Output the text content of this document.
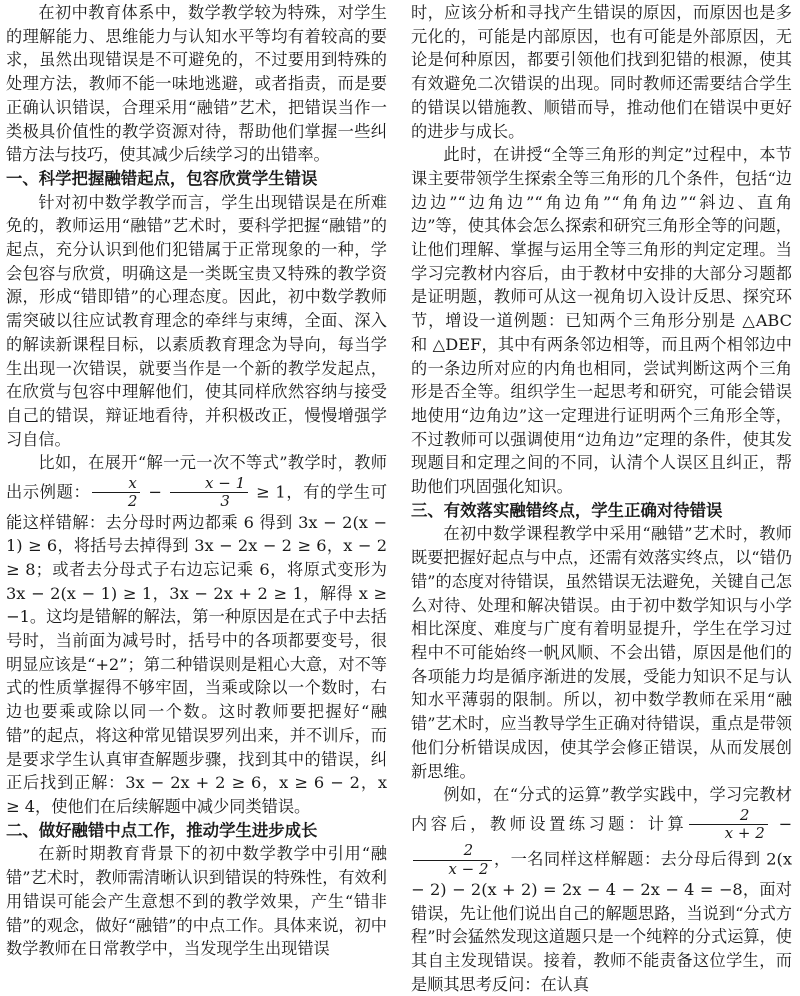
在初中教育体系中，数学教学较为特殊，对学生的理解能力、思维能力与认知水平等均有着较高的要求，虽然出现错误是不可避免的，不过要用到特殊的处理方法，教师不能一味地逃避，或者指责，而是要正确认识错误，合理采用“融错”艺术，把错误当作一类极具价值性的教学资源对待，帮助他们掌握一些纠错方法与技巧，使其减少后续学习的出错率。

一、科学把握融错起点，包容欣赏学生错误

针对初中数学教学而言，学生出现错误是在所难免的，教师运用“融错”艺术时，要科学把握“融错”的起点，充分认识到他们犯错属于正常现象的一种，学会包容与欣赏，明确这是一类既宝贵又特殊的教学资源，形成“错即错”的心理态度。因此，初中数学教师需突破以往应试教育理念的牵绊与束缚，全面、深入的解读新课程目标，以素质教育理念为导向，每当学生出现一次错误，就要当作是一个新的教学发起点，在欣赏与包容中理解他们，使其同样欣然容纳与接受自己的错误，辩证地看待，并积极改正，慢慢增强学习自信。

比如，在展开“解一元一次不等式”教学时，教师出示例题： $\frac{x}{2} - \frac{x - 1}{3} \ge 1$，有的学生可能这样错解：去分母时两边都乘 6 得到 3x − 2(x − 1) ≥ 6，将括号去掉得到 3x − 2x − 2 ≥ 6，x − 2 ≥ 8；或者去分母式子右边忘记乘 6，将原式变形为 3x − 2(x − 1) ≥ 1，3x − 2x + 2 ≥ 1，解得 x ≥ −1。这均是错解的解法，第一种原因是在式子中去括号时，当前面为减号时，括号中的各项都要变号，很明显应该是“+2”；第二种错误则是粗心大意，对不等式的性质掌握得不够牢固，当乘或除以一个数时，右边也要乘或除以同一个数。这时教师要把握好“融错”的起点，将这种常见错误罗列出来，并不训斥，而是要求学生认真审查解题步骤，找到其中的错误，纠正后找到正解：3x − 2x + 2 ≥ 6，x ≥ 6 − 2，x ≥ 4，使他们在后续解题中减少同类错误。

二、做好融错中点工作，推动学生进步成长

在新时期教育背景下的初中数学教学中引用“融错”艺术时，教师需清晰认识到错误的特殊性，有效利用错误可能会产生意想不到的教学效果，产生“错非错”的观念，做好“融错”的中点工作。具体来说，初中数学教师在日常教学中，当发现学生出现错误

时，应该分析和寻找产生错误的原因，而原因也是多元化的，可能是内部原因，也有可能是外部原因，无论是何种原因，都要引领他们找到犯错的根源，使其有效避免二次错误的出现。同时教师还需要结合学生的错误以错施教、顺错而导，推动他们在错误中更好的进步与成长。

此时，在讲授“全等三角形的判定”过程中，本节课主要带领学生探索全等三角形的几个条件，包括“边边边”“边角边”“角边角”“角角边”“斜边、直角边”等，使其体会怎么探索和研究三角形全等的问题，让他们理解、掌握与运用全等三角形的判定定理。当学习完教材内容后，由于教材中安排的大部分习题都是证明题，教师可从这一视角切入设计反思、探究环节，增设一道例题：已知两个三角形分别是 △ABC 和 △DEF，其中有两条邻边相等，而且两个相邻边中的一条边所对应的内角也相同，尝试判断这两个三角形是否全等。组织学生一起思考和研究，可能会错误地使用“边角边”这一定理进行证明两个三角形全等，不过教师可以强调使用“边角边”定理的条件，使其发现题目和定理之间的不同，认清个人误区且纠正，帮助他们巩固强化知识。

三、有效落实融错终点，学生正确对待错误

在初中数学课程教学中采用“融错”艺术时，教师既要把握好起点与中点，还需有效落实终点，以“错仍错”的态度对待错误，虽然错误无法避免，关键自己怎么对待、处理和解决错误。由于初中数学知识与小学相比深度、难度与广度有着明显提升，学生在学习过程中不可能始终一帆风顺、不会出错，原因是他们的各项能力均是循序渐进的发展，受能力知识不足与认知水平薄弱的限制。所以，初中数学教师在采用“融错”艺术时，应当教导学生正确对待错误，重点是带领他们分析错误成因，使其学会修正错误，从而发展创新思维。

例如，在“分式的运算”教学实践中，学习完教材内容后，教师设置练习题：计算 $\frac{2}{x + 2}$ −
$\frac{2}{x - 2}$ ，一名同样这样解题：去分母后得到 2(x − 2) − 2(x + 2) = 2x − 4 − 2x − 4 = −8，面对错误，先让他们说出自己的解题思路，当说到“分式方程”时会猛然发现这道题只是一个纯粹的分式运算，使其自主发现错误。接着，教师不能责备这位学生，而是顺其思考反问：在认真
